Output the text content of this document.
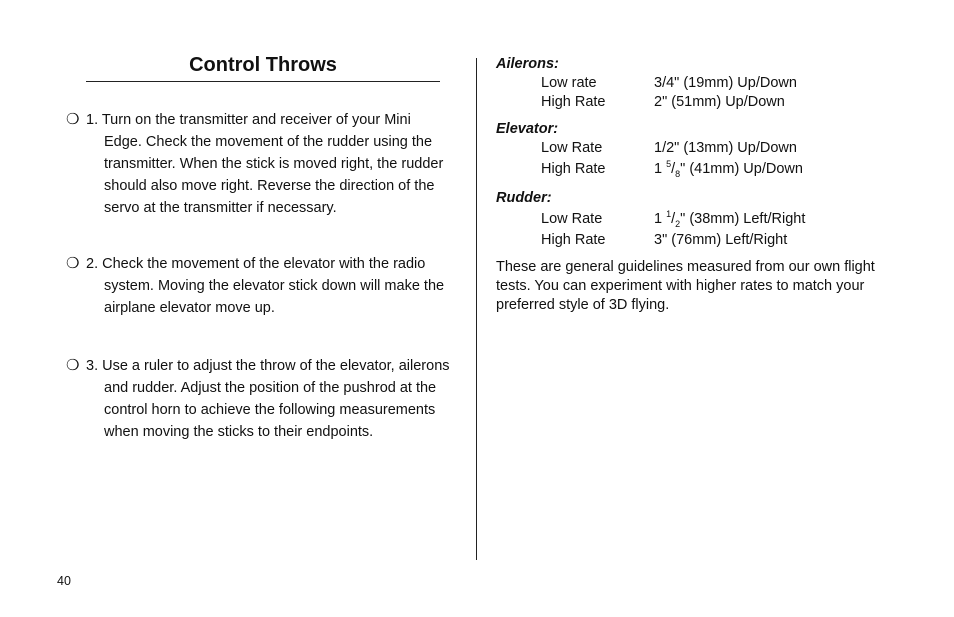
Control Throws
❍ 1. Turn on the transmitter and receiver of your Mini
Edge. Check the movement of the rudder using the
transmitter. When the stick is moved right, the rudder
should also move right. Reverse the direction of the
servo at the transmitter if necessary.
❍ 2. Check the movement of the elevator with the radio
system. Moving the elevator stick down will make the
airplane elevator move up.
❍ 3. Use a ruler to adjust the throw of the elevator, ailerons
and rudder. Adjust the position of the pushrod at the
control horn to achieve the following measurements
when moving the sticks to their endpoints.
Ailerons:
Low rate	3/4" (19mm) Up/Down
High Rate	2" (51mm) Up/Down
Elevator:
Low Rate	1/2" (13mm) Up/Down
High Rate	1 $^5/_8$" (41mm) Up/Down
Rudder:
Low Rate	1 $^1/_2$" (38mm) Left/Right
High Rate	3" (76mm) Left/Right
These are general guidelines measured from our own flight
tests. You can experiment with higher rates to match your
preferred style of 3D flying.
40
